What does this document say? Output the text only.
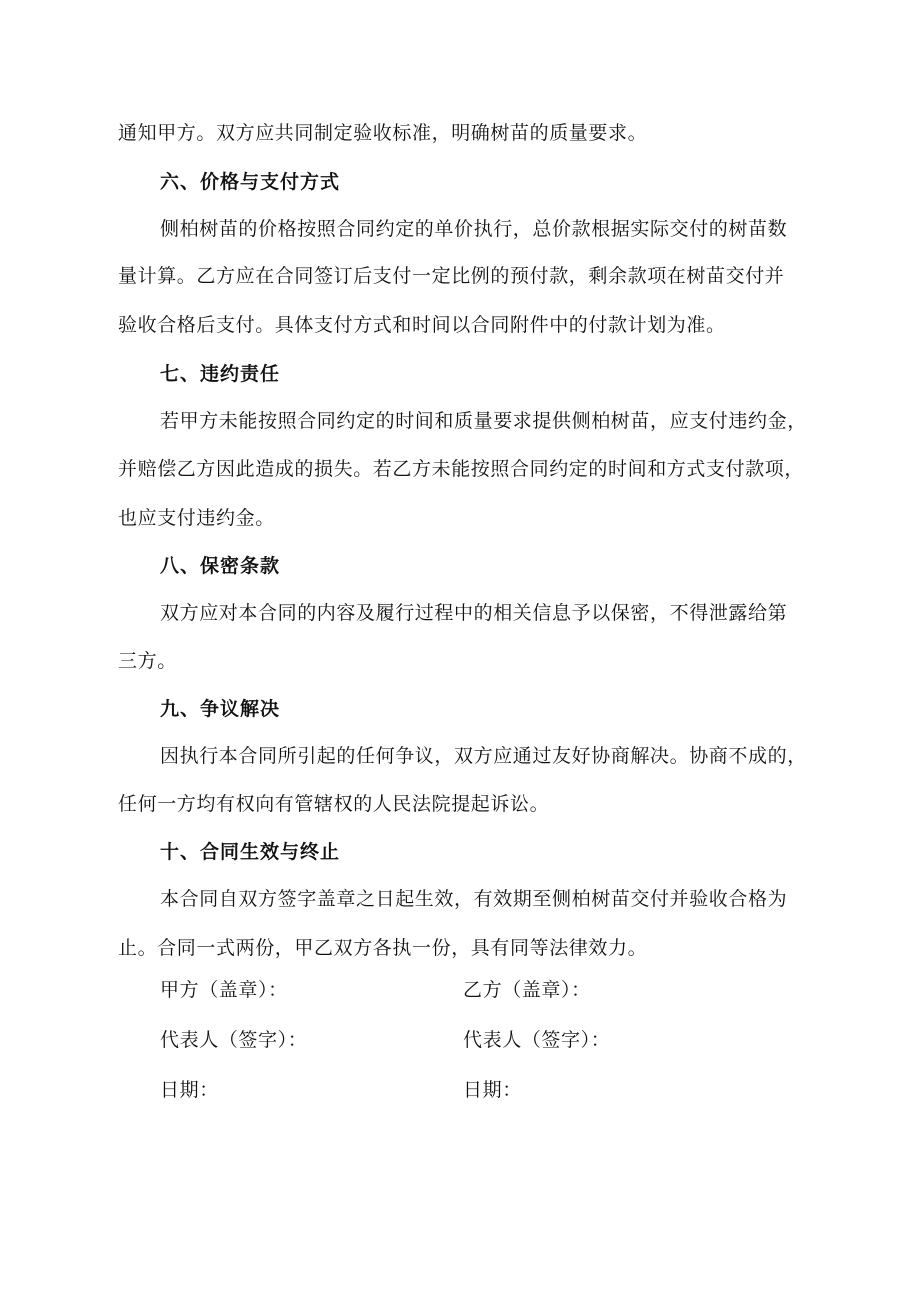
通知甲方。双方应共同制定验收标准，明确树苗的质量要求。
六、价格与支付方式
侧柏树苗的价格按照合同约定的单价执行，总价款根据实际交付的树苗数
量计算。乙方应在合同签订后支付一定比例的预付款，剩余款项在树苗交付并
验收合格后支付。具体支付方式和时间以合同附件中的付款计划为准。
七、违约责任
若甲方未能按照合同约定的时间和质量要求提供侧柏树苗，应支付违约金，
并赔偿乙方因此造成的损失。若乙方未能按照合同约定的时间和方式支付款项，
也应支付违约金。
八、保密条款
双方应对本合同的内容及履行过程中的相关信息予以保密，不得泄露给第
三方。
九、争议解决
因执行本合同所引起的任何争议，双方应通过友好协商解决。协商不成的，
任何一方均有权向有管辖权的人民法院提起诉讼。
十、合同生效与终止
本合同自双方签字盖章之日起生效，有效期至侧柏树苗交付并验收合格为
止。合同一式两份，甲乙双方各执一份，具有同等法律效力。
甲方（盖章）：	乙方（盖章）：
代表人（签字）：	代表人（签字）：
日期：	日期：
